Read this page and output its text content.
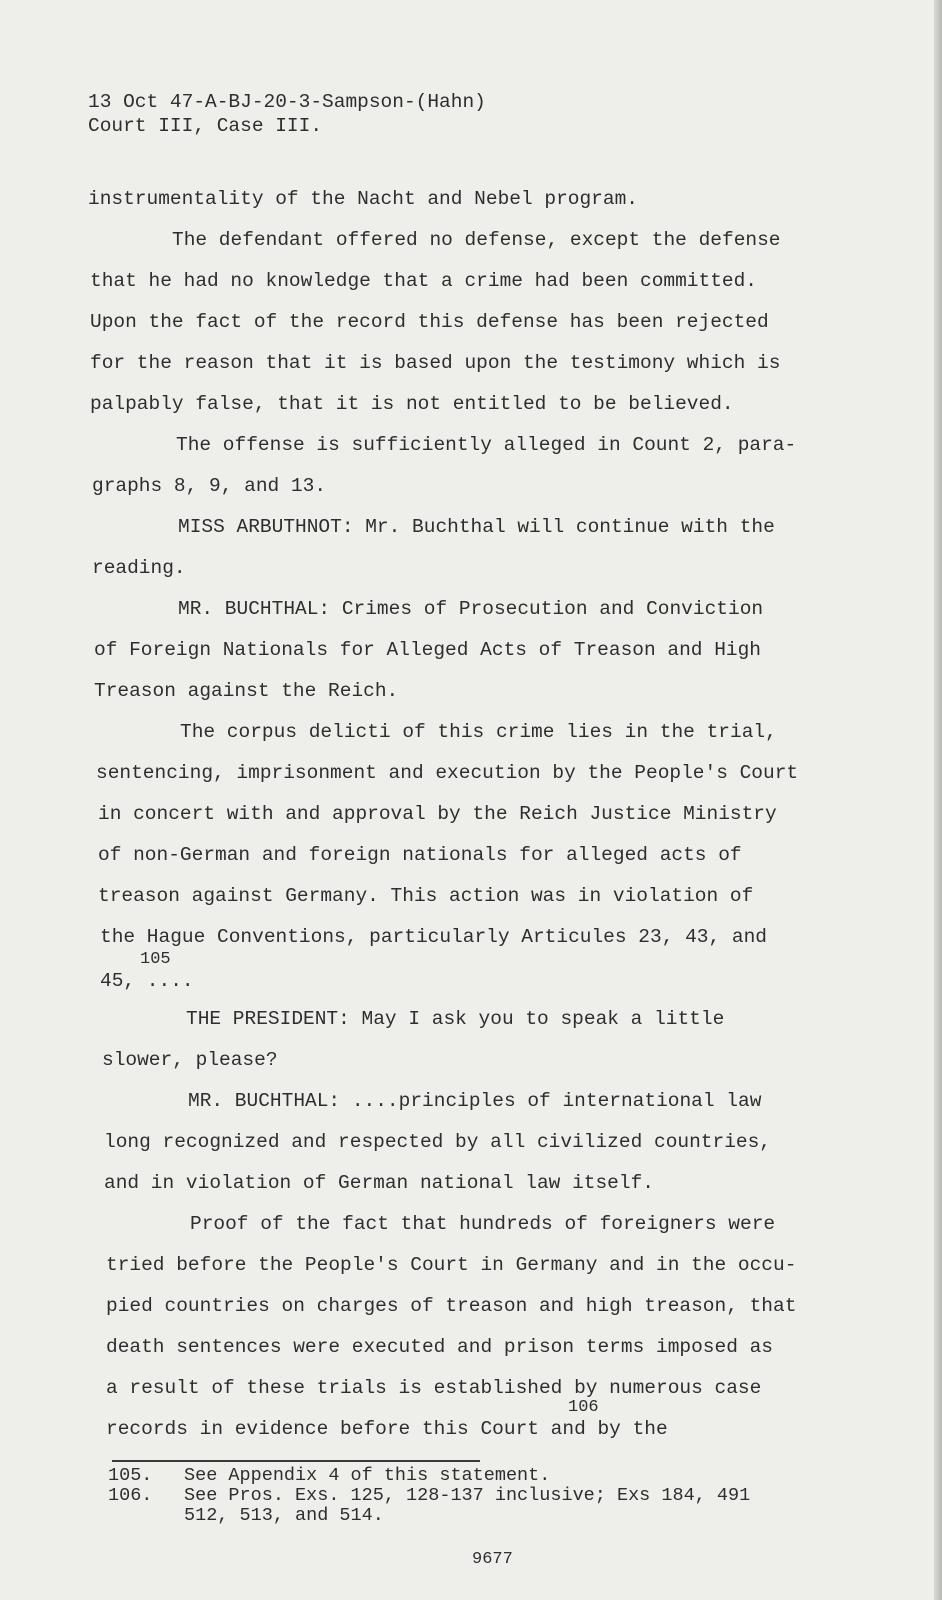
13 Oct 47-A-BJ-20-3-Sampson-(Hahn)
Court III, Case III.
instrumentality of the Nacht and Nebel program.
The defendant offered no defense, except the defense
that he had no knowledge that a crime had been committed.
Upon the fact of the record this defense has been rejected
for the reason that it is based upon the testimony which is
palpably false, that it is not entitled to be believed.
The offense is sufficiently alleged in Count 2, para-
graphs 8, 9, and 13.
MISS ARBUTHNOT: Mr. Buchthal will continue with the
reading.
MR. BUCHTHAL: Crimes of Prosecution and Conviction
of Foreign Nationals for Alleged Acts of Treason and High
Treason against the Reich.
The corpus delicti of this crime lies in the trial,
sentencing, imprisonment and execution by the People's Court
in concert with and approval by the Reich Justice Ministry
of non-German and foreign nationals for alleged acts of
treason against Germany. This action was in violation of
the Hague Conventions, particularly Articules 23, 43, and
105
45, ....
THE PRESIDENT: May I ask you to speak a little
slower, please?
MR. BUCHTHAL: ....principles of international law
long recognized and respected by all civilized countries,
and in violation of German national law itself.
Proof of the fact that hundreds of foreigners were
tried before the People's Court in Germany and in the occu-
pied countries on charges of treason and high treason, that
death sentences were executed and prison terms imposed as
a result of these trials is established by numerous case
106
records in evidence before this Court and by the
105.	See Appendix 4 of this statement.
106.	See Pros. Exs. 125, 128-137 inclusive; Exs 184, 491
512, 513, and 514.
9677
